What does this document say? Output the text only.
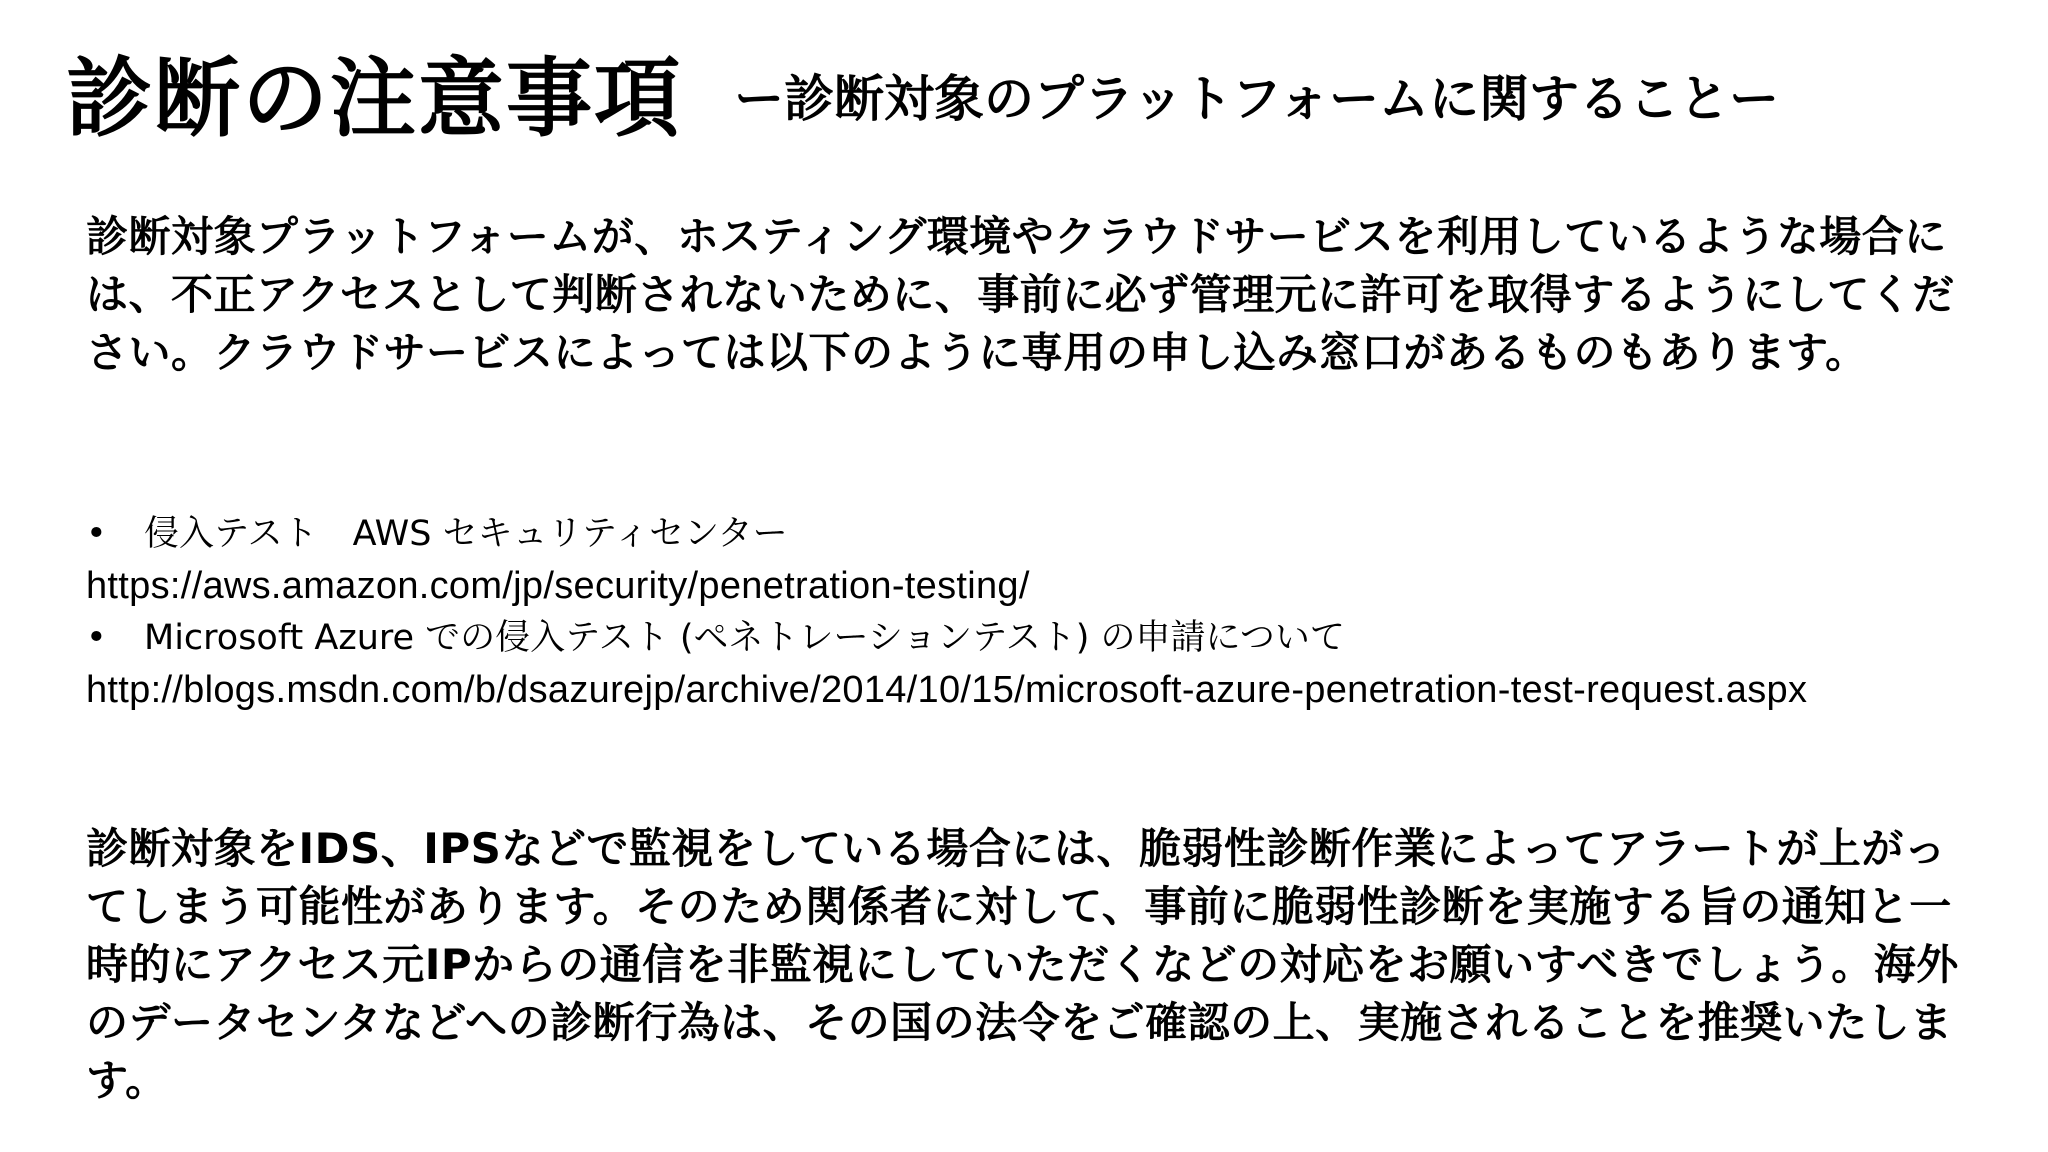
診断の注意事項 ー診断対象のプラットフォームに関することー

診断対象プラットフォームが、ホスティング環境やクラウドサービスを利用しているような場合には、不正アクセスとして判断されないために、事前に必ず管理元に許可を取得するようにしてください。クラウドサービスによっては以下のように専用の申し込み窓口があるものもあります。

• 侵入テスト　AWS セキュリティセンター
https://aws.amazon.com/jp/security/penetration-testing/
• Microsoft Azure での侵入テスト (ペネトレーションテスト) の申請について
http://blogs.msdn.com/b/dsazurejp/archive/2014/10/15/microsoft-azure-penetration-test-request.aspx

診断対象をIDS、IPSなどで監視をしている場合には、脆弱性診断作業によってアラートが上がってしまう可能性があります。そのため関係者に対して、事前に脆弱性診断を実施する旨の通知と一時的にアクセス元IPからの通信を非監視にしていただくなどの対応をお願いすべきでしょう。海外のデータセンタなどへの診断行為は、その国の法令をご確認の上、実施されることを推奨いたします。
